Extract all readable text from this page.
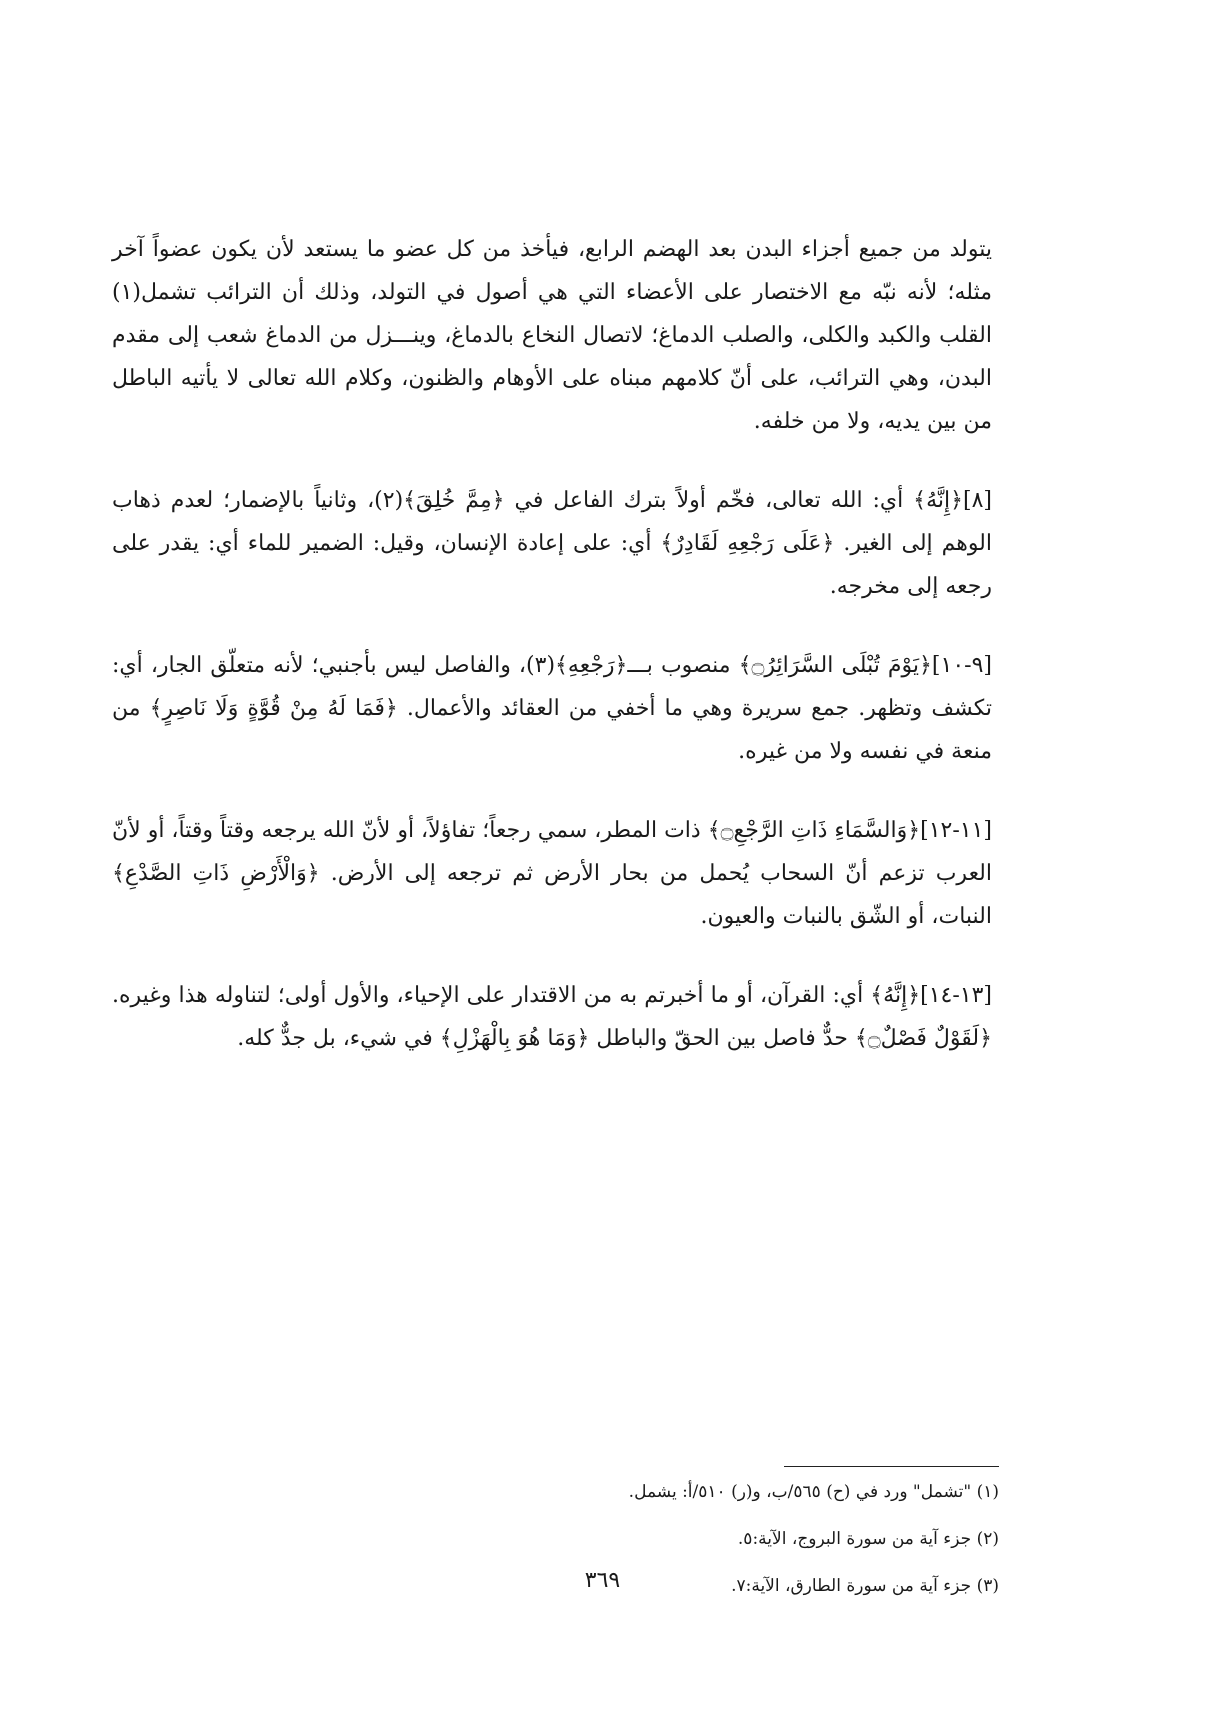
يتولد من جميع أجزاء البدن بعد الهضم الرابع، فيأخذ من كل عضو ما يستعد لأن يكون عضواً آخر مثله؛ لأنه نبّه مع الاختصار على الأعضاء التي هي أصول في التولد، وذلك أن الترائب تشمل(١) القلب والكبد والكلى، والصلب الدماغ؛ لاتصال النخاع بالدماغ، وينـــزل من الدماغ شعب إلى مقدم البدن، وهي الترائب، على أنّ كلامهم مبناه على الأوهام والظنون، وكلام الله تعالى لا يأتيه الباطل من بين يديه، ولا من خلفه.

[٨]﴿إِنَّهُ﴾ أي: الله تعالى، فخّم أولاً بترك الفاعل في ﴿مِمَّ خُلِقَ﴾(٢)، وثانياً بالإضمار؛ لعدم ذهاب الوهم إلى الغير. ﴿عَلَى رَجْعِهِ لَقَادِرٌ﴾ أي: على إعادة الإنسان، وقيل: الضمير للماء أي: يقدر على رجعه إلى مخرجه.

[٩-١٠]﴿يَوْمَ تُبْلَى السَّرَائِرُ۝﴾ منصوب بـــ﴿رَجْعِهِ﴾(٣)، والفاصل ليس بأجنبي؛ لأنه متعلّق الجار، أي: تكشف وتظهر. جمع سريرة وهي ما أخفي من العقائد والأعمال. ﴿فَمَا لَهُ مِنْ قُوَّةٍ وَلَا نَاصِرٍ﴾ من منعة في نفسه ولا من غيره.

[١١-١٢]﴿وَالسَّمَاءِ ذَاتِ الرَّجْعِ۝﴾ ذات المطر، سمي رجعاً؛ تفاؤلاً، أو لأنّ الله يرجعه وقتاً وقتاً، أو لأنّ العرب تزعم أنّ السحاب يُحمل من بحار الأرض ثم ترجعه إلى الأرض. ﴿وَالْأَرْضِ ذَاتِ الصَّدْعِ﴾ النبات، أو الشّق بالنبات والعيون.

[١٣-١٤]﴿إِنَّهُ﴾ أي: القرآن، أو ما أخبرتم به من الاقتدار على الإحياء، والأول أولى؛ لتناوله هذا وغيره. ﴿لَقَوْلٌ فَصْلٌ۝﴾ حدٌّ فاصل بين الحقّ والباطل ﴿وَمَا هُوَ بِالْهَزْلِ﴾ في شيء، بل جدٌّ كله.

(١) "تشمل" ورد في (ح) ٥٦٥/ب، و(ر) ٥١٠/أ: يشمل.

(٢) جزء آية من سورة البروج، الآية:٥.

(٣) جزء آية من سورة الطارق، الآية:٧.

٣٦٩
